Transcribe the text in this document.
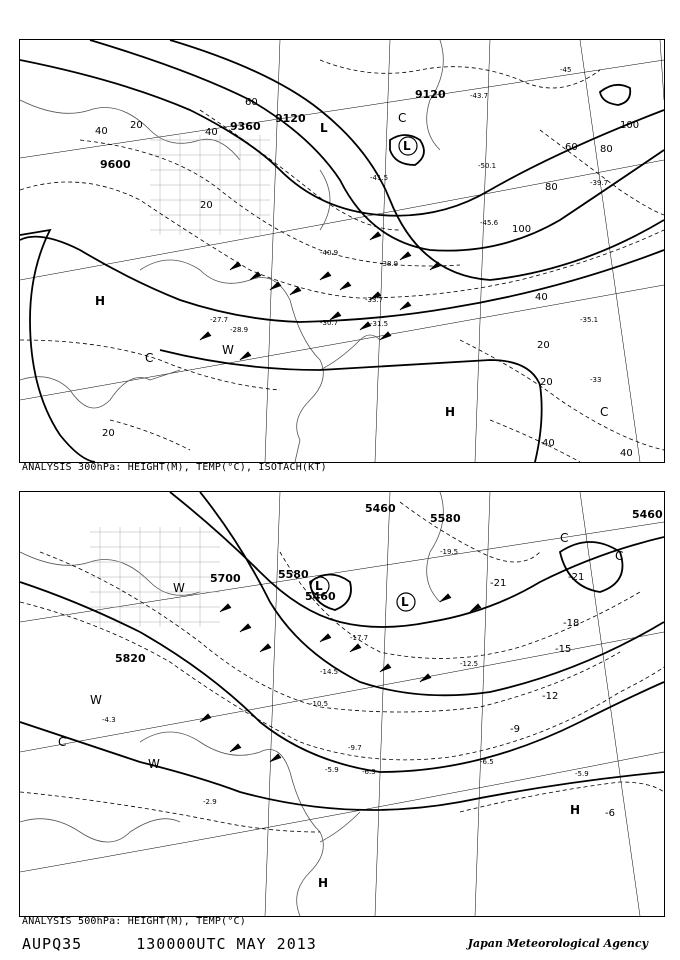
9600
9360
9120
9120
20
40
60
80
100
20
40
60 80
100
40
20
20
40
40
20
-45
-43.7
-41.5
-40.9
-38.9
-33.7
-31.5
-30.7
-28.9
-27.7
-50.1
-45.6
-39.7
-35.1
-33
L
L
H
H
C
C
C
W
ANALYSIS 300hPa: HEIGHT(M), TEMP(°C), ISOTACH(KT)
5460
5580
5700
5820
5460
5580	5460
-21
-18
-15
-12
-9
-6
-21
-19.5
-17.7
-14.5
-12.5
-10.5
-9.7
-6.3
-5.9
-4.3
-2.9
-6.5
-5.9
L
L
H
H
W
W
W
C
C
C
ANALYSIS 500hPa: HEIGHT(M), TEMP(°C)
AUPQ35	130000UTC MAY 2013	Japan Meteorological Agency
